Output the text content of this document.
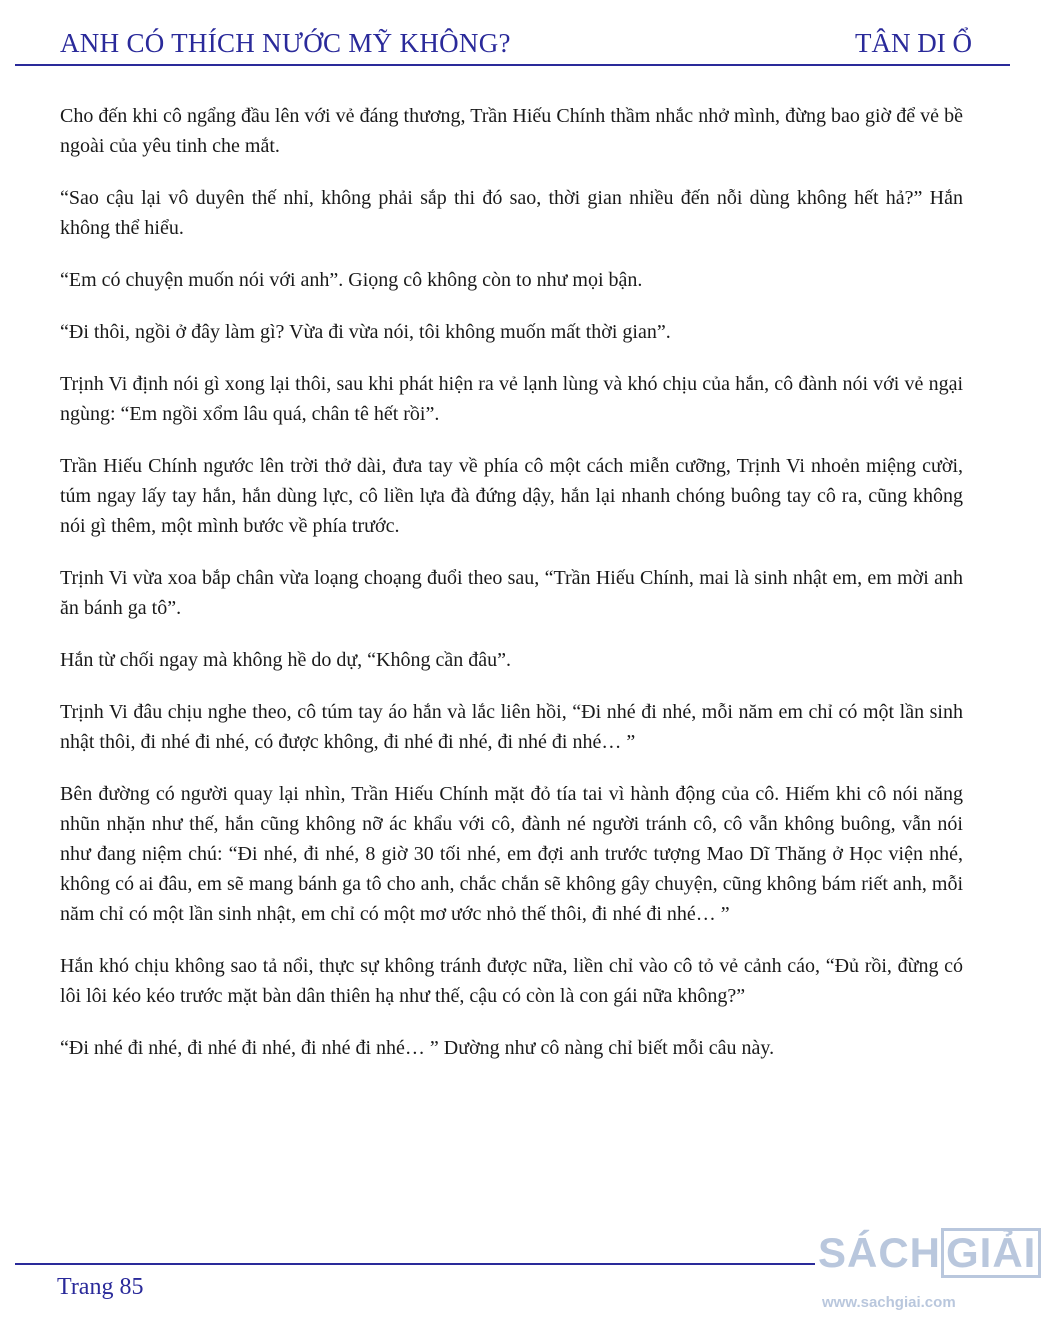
ANH CÓ THÍCH NƯỚC MỸ KHÔNG?	TÂN DI Ổ

Cho đến khi cô ngẩng đầu lên với vẻ đáng thương, Trần Hiếu Chính thầm nhắc nhở mình, đừng bao giờ để vẻ bề ngoài của yêu tinh che mắt.

“Sao cậu lại vô duyên thế nhỉ, không phải sắp thi đó sao, thời gian nhiều đến nỗi dùng không hết hả?” Hắn không thể hiểu.

“Em có chuyện muốn nói với anh”. Giọng cô không còn to như mọi bận.

“Đi thôi, ngồi ở đây làm gì? Vừa đi vừa nói, tôi không muốn mất thời gian”.

Trịnh Vi định nói gì xong lại thôi, sau khi phát hiện ra vẻ lạnh lùng và khó chịu của hắn, cô đành nói với vẻ ngại ngùng: “Em ngồi xổm lâu quá, chân tê hết rồi”.

Trần Hiếu Chính ngước lên trời thở dài, đưa tay về phía cô một cách miễn cưỡng, Trịnh Vi nhoẻn miệng cười, túm ngay lấy tay hắn, hắn dùng lực, cô liền lựa đà đứng dậy, hắn lại nhanh chóng buông tay cô ra, cũng không nói gì thêm, một mình bước về phía trước.

Trịnh Vi vừa xoa bắp chân vừa loạng choạng đuổi theo sau, “Trần Hiếu Chính, mai là sinh nhật em, em mời anh ăn bánh ga tô”.

Hắn từ chối ngay mà không hề do dự, “Không cần đâu”.

Trịnh Vi đâu chịu nghe theo, cô túm tay áo hắn và lắc liên hồi, “Đi nhé đi nhé, mỗi năm em chỉ có một lần sinh nhật thôi, đi nhé đi nhé, có được không, đi nhé đi nhé, đi nhé đi nhé… ”

Bên đường có người quay lại nhìn, Trần Hiếu Chính mặt đỏ tía tai vì hành động của cô. Hiếm khi cô nói năng nhũn nhặn như thế, hắn cũng không nỡ ác khẩu với cô, đành né người tránh cô, cô vẫn không buông, vẫn nói như đang niệm chú: “Đi nhé, đi nhé, 8 giờ 30 tối nhé, em đợi anh trước tượng Mao Dĩ Thăng ở Học viện nhé, không có ai đâu, em sẽ mang bánh ga tô cho anh, chắc chắn sẽ không gây chuyện, cũng không bám riết anh, mỗi năm chỉ có một lần sinh nhật, em chỉ có một mơ ước nhỏ thế thôi, đi nhé đi nhé… ”

Hắn khó chịu không sao tả nổi, thực sự không tránh được nữa, liền chỉ vào cô tỏ vẻ cảnh cáo, “Đủ rồi, đừng có lôi lôi kéo kéo trước mặt bàn dân thiên hạ như thế, cậu có còn là con gái nữa không?”

“Đi nhé đi nhé, đi nhé đi nhé, đi nhé đi nhé… ” Dường như cô nàng chỉ biết mỗi câu này.

Trang 85
SÁCH GIẢI
www.sachgiai.com
